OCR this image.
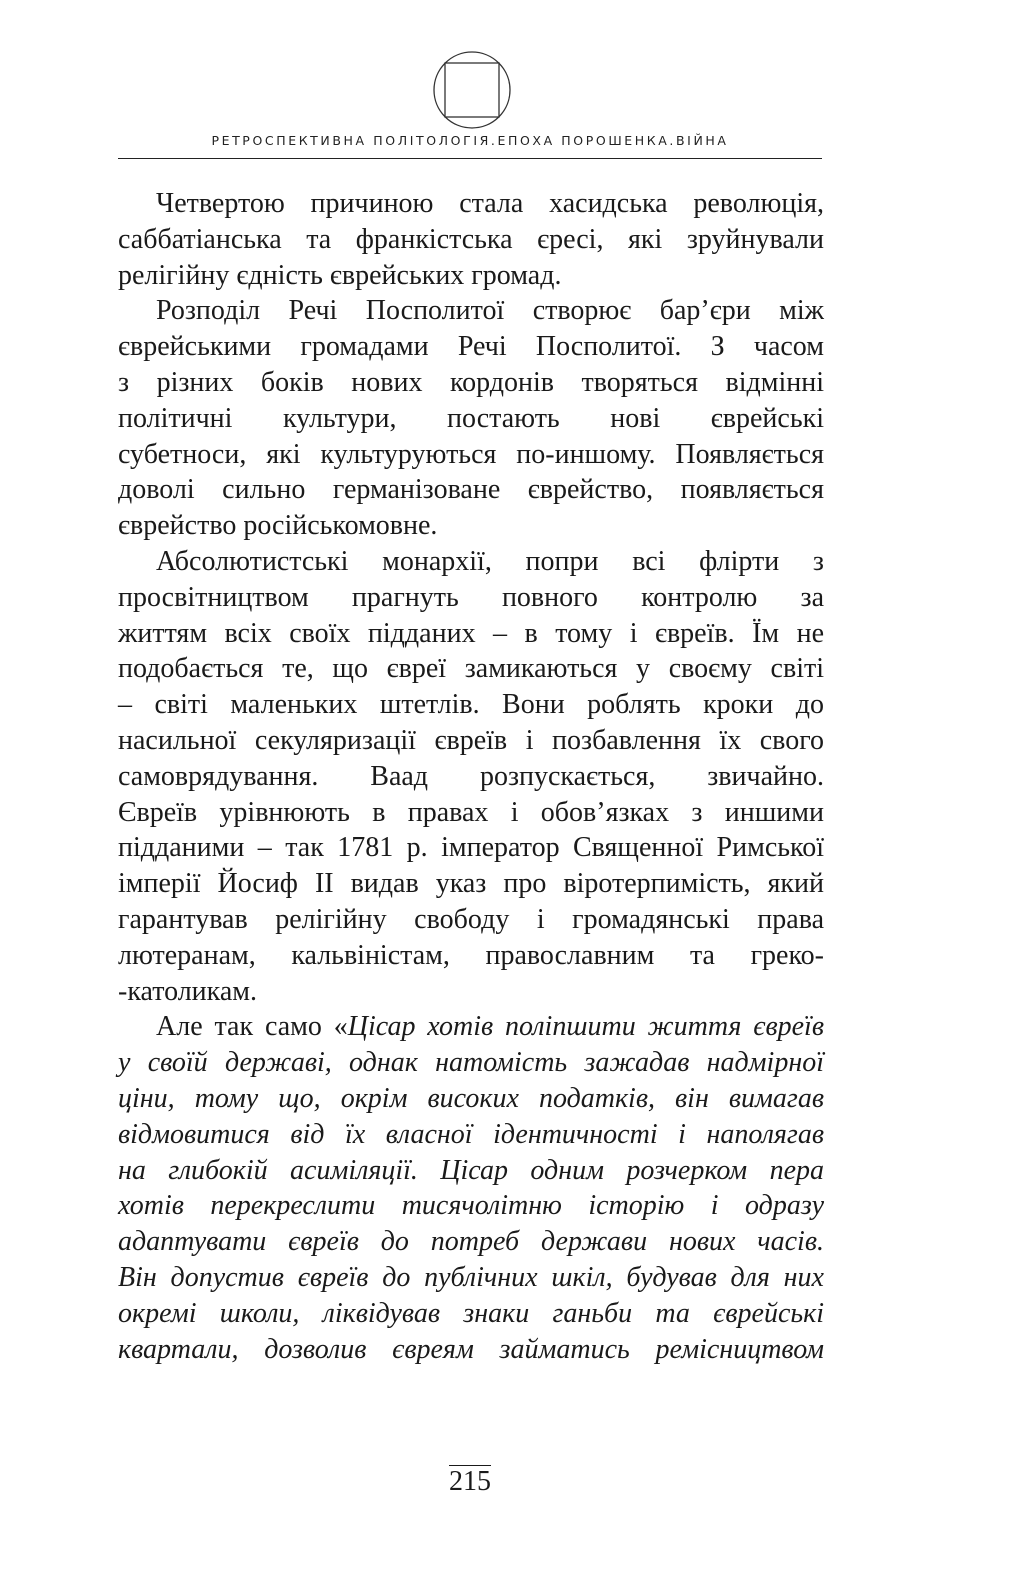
РЕТРОСПЕКТИВНА ПОЛІТОЛОГІЯ.ЕПОХА ПОРОШЕНКА.ВІЙНА
Четвертою причиною стала хасидська революція,
саббатіанська та франкістська єресі, які зруйнували
релігійну єдність єврейських громад.
Розподіл Речі Посполитої створює бар’єри між
єврейськими громадами Речі Посполитої. З часом
з різних боків нових кордонів творяться відмінні
політичні культури, постають нові єврейські
субетноси, які культуруються по-иншому. Появляється
доволі сильно германізоване єврейство, появляється
єврейство російськомовне.
Абсолютистські монархії, попри всі флірти з
просвітництвом прагнуть повного контролю за
життям всіх своїх підданих – в тому і євреїв. Їм не
подобається те, що євреї замикаються у своєму світі
– світі маленьких штетлів. Вони роблять кроки до
насильної секуляризації євреїв і позбавлення їх свого
самоврядування. Ваад розпускається, звичайно.
Євреїв урівнюють в правах і обов’язках з иншими
підданими – так 1781 р. імператор Священної Римської
імперії Йосиф ІІ видав указ про віротерпимість, який
гарантував релігійну свободу і громадянські права
лютеранам, кальвіністам, православним та греко-
-католикам.
Але так само «Цісар хотів поліпшити життя євреїв
у своїй державі, однак натомість зажадав надмірної
ціни, тому що, окрім високих податків, він вимагав
відмовитися від їх власної ідентичності і наполягав
на глибокій асиміляції. Цісар одним розчерком пера
хотів перекреслити тисячолітню історію і одразу
адаптувати євреїв до потреб держави нових часів.
Він допустив євреїв до публічних шкіл, будував для них
окремі школи, ліквідував знаки ганьби та єврейські
квартали, дозволив євреям займатись ремісництвом
215
